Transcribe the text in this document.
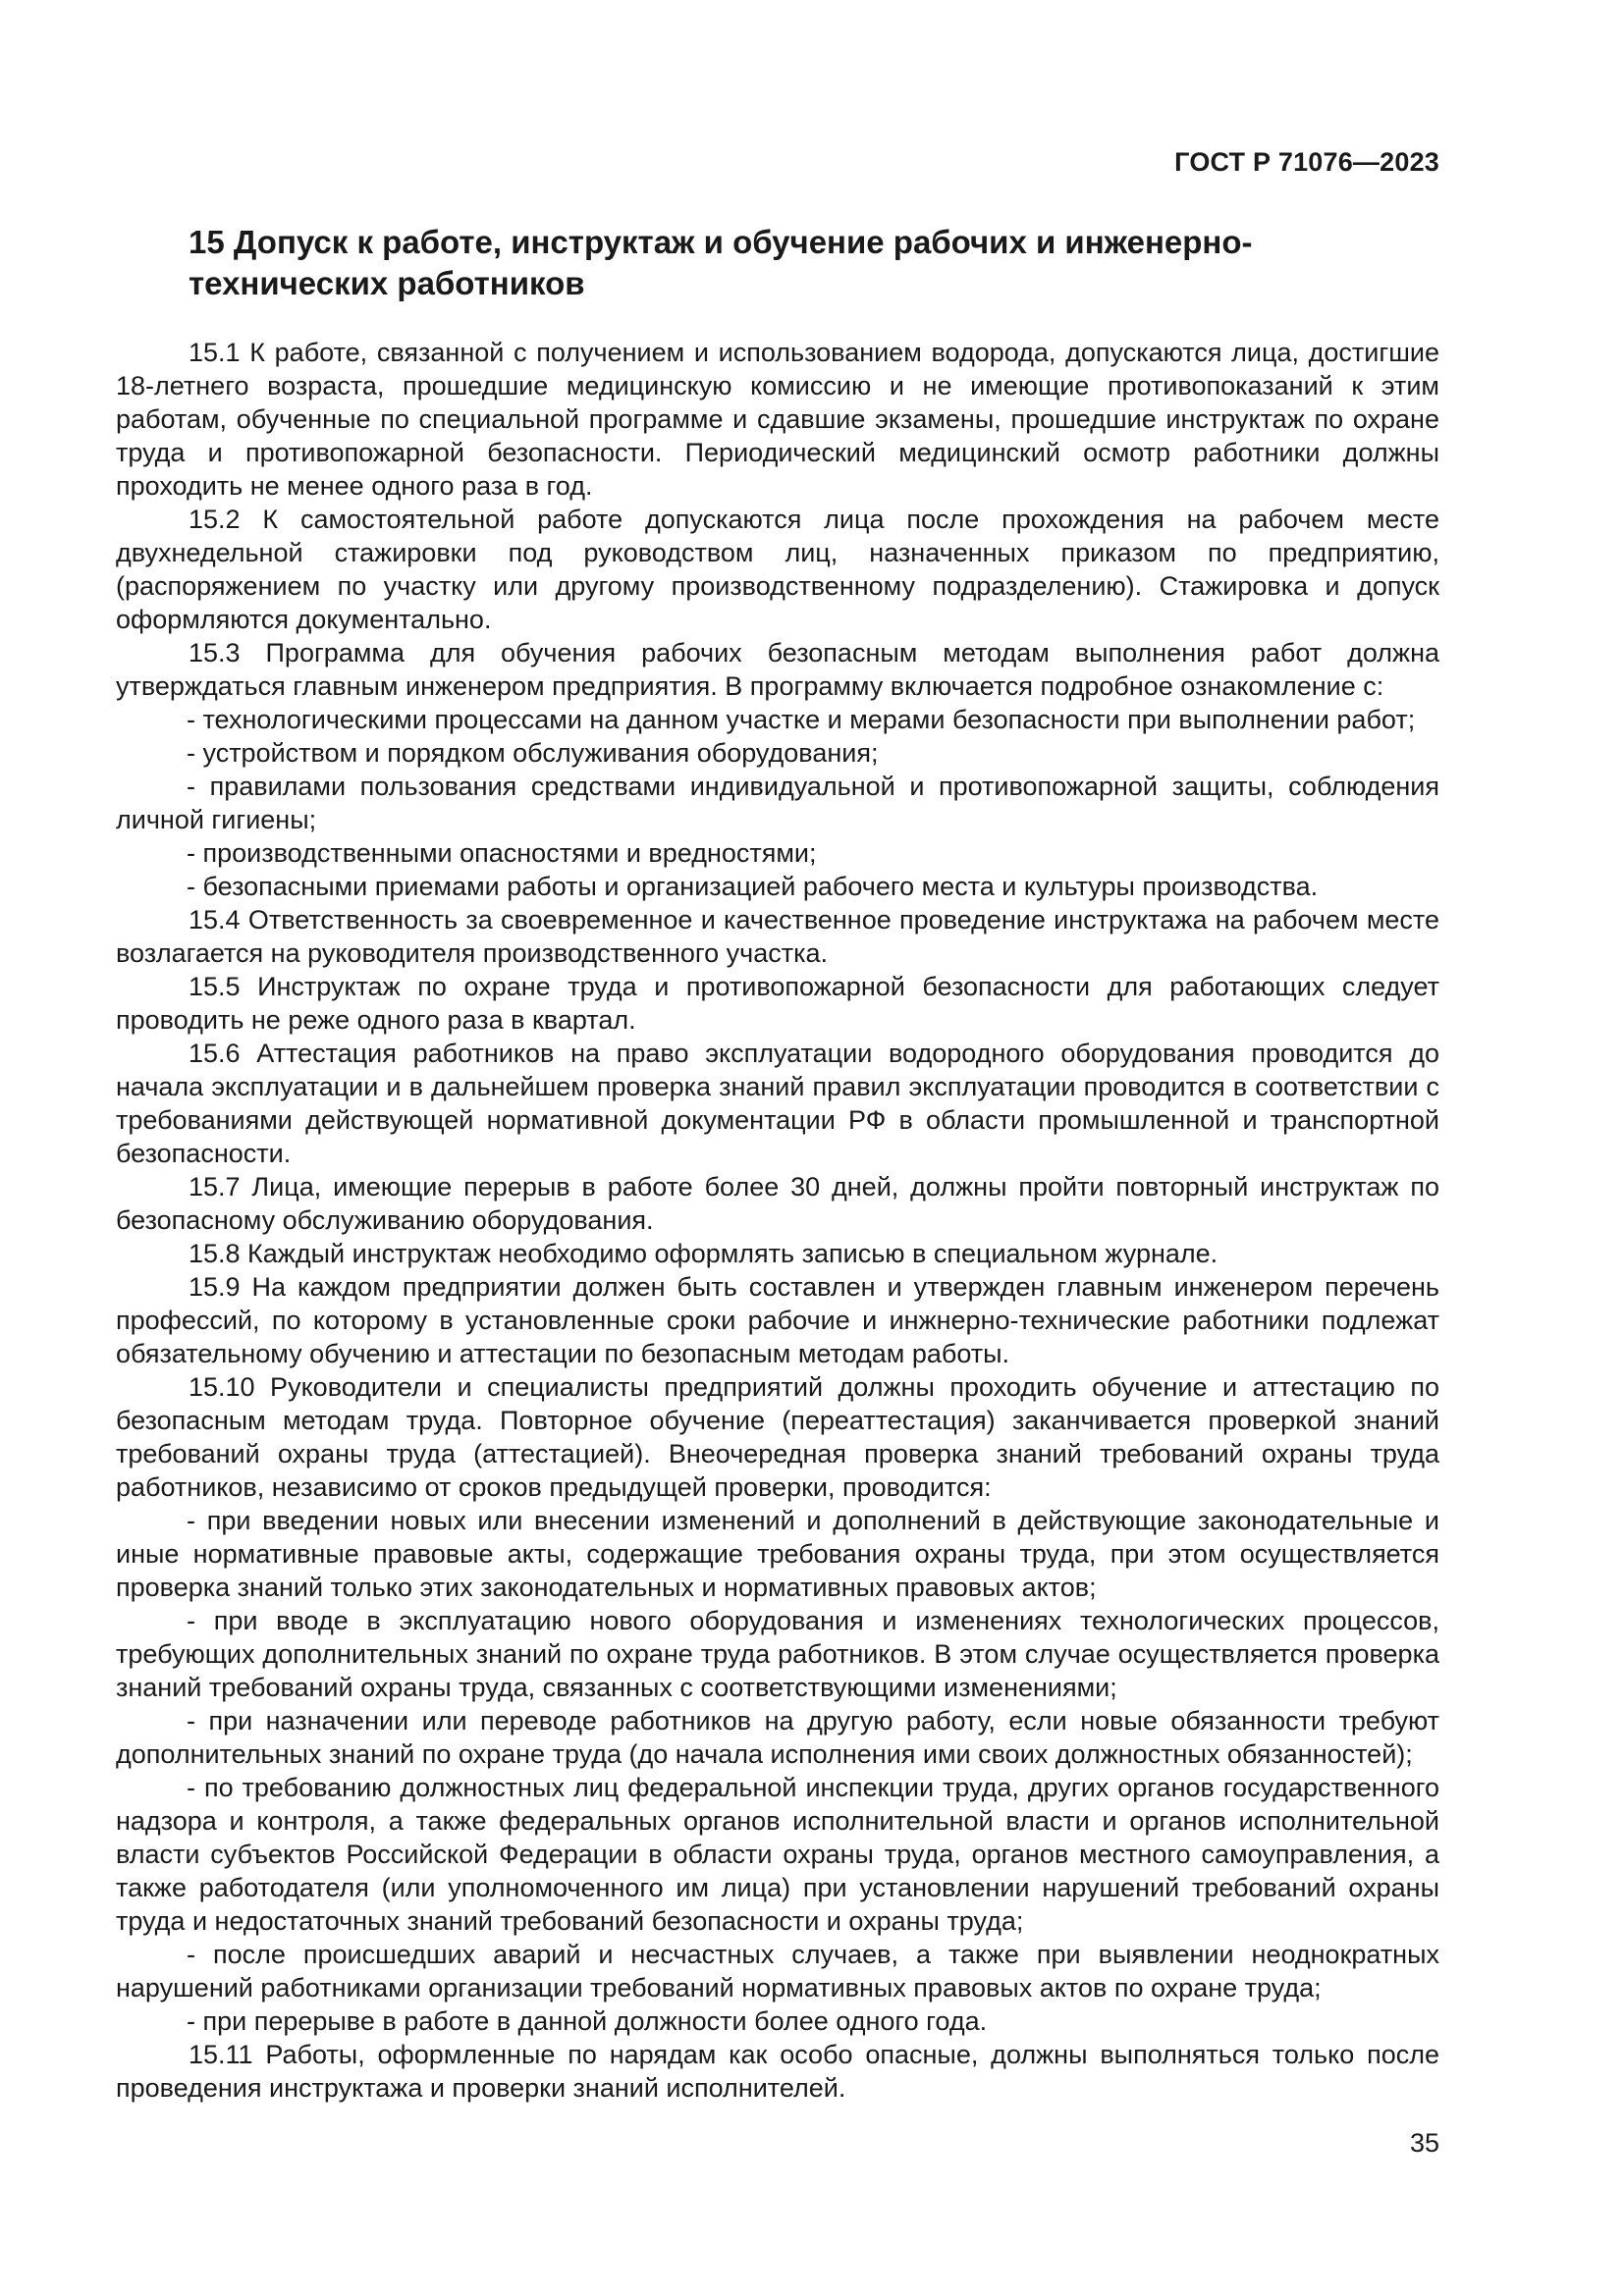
ГОСТ Р 71076—2023
15 Допуск к работе, инструктаж и обучение рабочих и инженерно-технических работников

15.1 К работе, связанной с получением и использованием водорода, допускаются лица, достигшие 18-летнего возраста, прошедшие медицинскую комиссию и не имеющие противопоказаний к этим работам, обученные по специальной программе и сдавшие экзамены, прошедшие инструктаж по охране труда и противопожарной безопасности. Периодический медицинский осмотр работники должны проходить не менее одного раза в год.

15.2 К самостоятельной работе допускаются лица после прохождения на рабочем месте двухнедельной стажировки под руководством лиц, назначенных приказом по предприятию, (распоряжением по участку или другому производственному подразделению). Стажировка и допуск оформляются документально.

15.3 Программа для обучения рабочих безопасным методам выполнения работ должна утверждаться главным инженером предприятия. В программу включается подробное ознакомление с:

- технологическими процессами на данном участке и мерами безопасности при выполнении работ;

- устройством и порядком обслуживания оборудования;

- правилами пользования средствами индивидуальной и противопожарной защиты, соблюдения личной гигиены;

- производственными опасностями и вредностями;

- безопасными приемами работы и организацией рабочего места и культуры производства.

15.4 Ответственность за своевременное и качественное проведение инструктажа на рабочем месте возлагается на руководителя производственного участка.

15.5 Инструктаж по охране труда и противопожарной безопасности для работающих следует проводить не реже одного раза в квартал.

15.6 Аттестация работников на право эксплуатации водородного оборудования проводится до начала эксплуатации и в дальнейшем проверка знаний правил эксплуатации проводится в соответствии с требованиями действующей нормативной документации РФ в области промышленной и транспортной безопасности.

15.7 Лица, имеющие перерыв в работе более 30 дней, должны пройти повторный инструктаж по безопасному обслуживанию оборудования.

15.8 Каждый инструктаж необходимо оформлять записью в специальном журнале.

15.9 На каждом предприятии должен быть составлен и утвержден главным инженером перечень профессий, по которому в установленные сроки рабочие и инжнерно-технические работники подлежат обязательному обучению и аттестации по безопасным методам работы.

15.10 Руководители и специалисты предприятий должны проходить обучение и аттестацию по безопасным методам труда. Повторное обучение (переаттестация) заканчивается проверкой знаний требований охраны труда (аттестацией). Внеочередная проверка знаний требований охраны труда работников, независимо от сроков предыдущей проверки, проводится:

- при введении новых или внесении изменений и дополнений в действующие законодательные и иные нормативные правовые акты, содержащие требования охраны труда, при этом осуществляется проверка знаний только этих законодательных и нормативных правовых актов;

- при вводе в эксплуатацию нового оборудования и изменениях технологических процессов, требующих дополнительных знаний по охране труда работников. В этом случае осуществляется проверка знаний требований охраны труда, связанных с соответствующими изменениями;

- при назначении или переводе работников на другую работу, если новые обязанности требуют дополнительных знаний по охране труда (до начала исполнения ими своих должностных обязанностей);

- по требованию должностных лиц федеральной инспекции труда, других органов государственного надзора и контроля, а также федеральных органов исполнительной власти и органов исполнительной власти субъектов Российской Федерации в области охраны труда, органов местного самоуправления, а также работодателя (или уполномоченного им лица) при установлении нарушений требований охраны труда и недостаточных знаний требований безопасности и охраны труда;

- после происшедших аварий и несчастных случаев, а также при выявлении неоднократных нарушений работниками организации требований нормативных правовых актов по охране труда;

- при перерыве в работе в данной должности более одного года.

15.11 Работы, оформленные по нарядам как особо опасные, должны выполняться только после проведения инструктажа и проверки знаний исполнителей.

35
